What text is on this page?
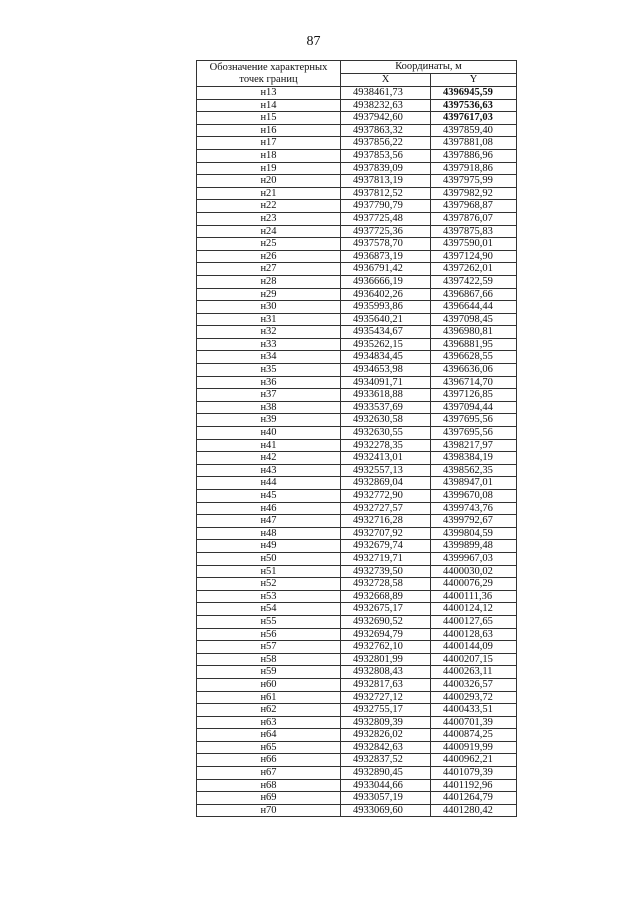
87
Обозначение характерных
точек границ	Координаты, м	
	X	Y
н13	4938461,73	4396945,59
н14	4938232,63	4397536,63
н15	4937942,60	4397617,03
н16	4937863,32	4397859,40
н17	4937856,22	4397881,08
н18	4937853,56	4397886,96
н19	4937839,09	4397918,86
н20	4937813,19	4397975,99
н21	4937812,52	4397982,92
н22	4937790,79	4397968,87
н23	4937725,48	4397876,07
н24	4937725,36	4397875,83
н25	4937578,70	4397590,01
н26	4936873,19	4397124,90
н27	4936791,42	4397262,01
н28	4936666,19	4397422,59
н29	4936402,26	4396867,66
н30	4935993,86	4396644,44
н31	4935640,21	4397098,45
н32	4935434,67	4396980,81
н33	4935262,15	4396881,95
н34	4934834,45	4396628,55
н35	4934653,98	4396636,06
н36	4934091,71	4396714,70
н37	4933618,88	4397126,85
н38	4933537,69	4397094,44
н39	4932630,58	4397695,56
н40	4932630,55	4397695,56
н41	4932278,35	4398217,97
н42	4932413,01	4398384,19
н43	4932557,13	4398562,35
н44	4932869,04	4398947,01
н45	4932772,90	4399670,08
н46	4932727,57	4399743,76
н47	4932716,28	4399792,67
н48	4932707,92	4399804,59
н49	4932679,74	4399899,48
н50	4932719,71	4399967,03
н51	4932739,50	4400030,02
н52	4932728,58	4400076,29
н53	4932668,89	4400111,36
н54	4932675,17	4400124,12
н55	4932690,52	4400127,65
н56	4932694,79	4400128,63
н57	4932762,10	4400144,09
н58	4932801,99	4400207,15
н59	4932808,43	4400263,11
н60	4932817,63	4400326,57
н61	4932727,12	4400293,72
н62	4932755,17	4400433,51
н63	4932809,39	4400701,39
н64	4932826,02	4400874,25
н65	4932842,63	4400919,99
н66	4932837,52	4400962,21
н67	4932890,45	4401079,39
н68	4933044,66	4401192,96
н69	4933057,19	4401264,79
н70	4933069,60	4401280,42
